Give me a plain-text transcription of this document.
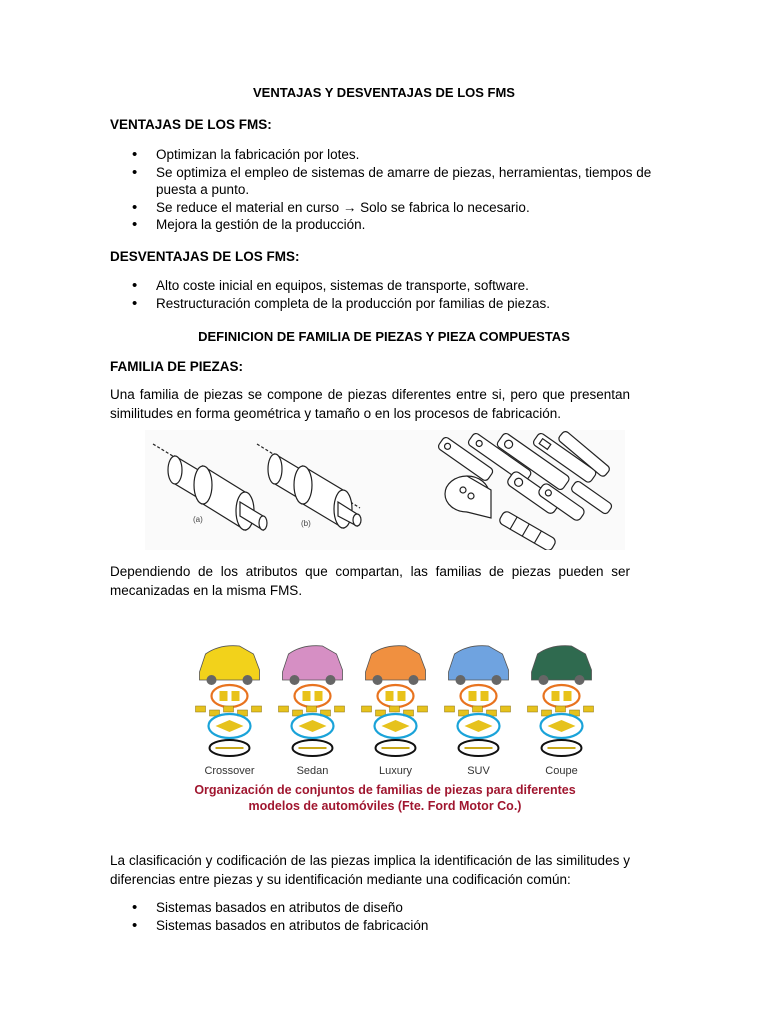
VENTAJAS Y DESVENTAJAS DE LOS FMS
VENTAJAS DE LOS FMS:
• Optimizan la fabricación por lotes.
• Se optimiza el empleo de sistemas de amarre de piezas, herramientas, tiempos de puesta a punto.
• Se reduce el material en curso → Solo se fabrica lo necesario.
• Mejora la gestión de la producción.
DESVENTAJAS DE LOS FMS:
• Alto coste inicial en equipos, sistemas de transporte, software.
• Restructuración completa de la producción por familias de piezas.
DEFINICION DE FAMILIA DE PIEZAS Y PIEZA COMPUESTAS
FAMILIA DE PIEZAS:
Una familia de piezas se compone de piezas diferentes entre si, pero que presentan similitudes en forma geométrica y tamaño o en los procesos de fabricación.
(a)	(b)
Dependiendo de los atributos que compartan, las familias de piezas pueden ser mecanizadas en la misma FMS.
Crossover	Sedan	Luxury	SUV	Coupe
Organización de conjuntos de familias de piezas para diferentes
modelos de automóviles (Fte. Ford Motor Co.)
La clasificación y codificación de las piezas implica la identificación de las similitudes y diferencias entre piezas y su identificación mediante una codificación común:
• Sistemas basados en atributos de diseño
• Sistemas basados en atributos de fabricación
